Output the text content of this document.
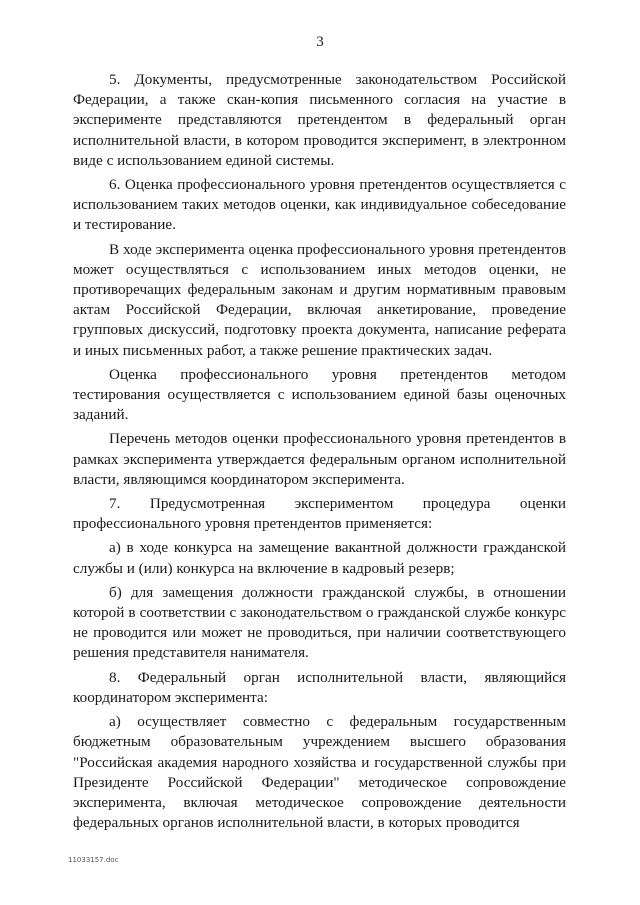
3

5. Документы, предусмотренные законодательством Российской Федерации, а также скан-копия письменного согласия на участие в эксперименте представляются претендентом в федеральный орган исполнительной власти, в котором проводится эксперимент, в электронном виде с использованием единой системы.

6. Оценка профессионального уровня претендентов осуществляется с использованием таких методов оценки, как индивидуальное собеседование и тестирование.

В ходе эксперимента оценка профессионального уровня претендентов может осуществляться с использованием иных методов оценки, не противоречащих федеральным законам и другим нормативным правовым актам Российской Федерации, включая анкетирование, проведение групповых дискуссий, подготовку проекта документа, написание реферата и иных письменных работ, а также решение практических задач.

Оценка профессионального уровня претендентов методом тестирования осуществляется с использованием единой базы оценочных заданий.

Перечень методов оценки профессионального уровня претендентов в рамках эксперимента утверждается федеральным органом исполнительной власти, являющимся координатором эксперимента.

7. Предусмотренная экспериментом процедура оценки профессионального уровня претендентов применяется:

а) в ходе конкурса на замещение вакантной должности гражданской службы и (или) конкурса на включение в кадровый резерв;

б) для замещения должности гражданской службы, в отношении которой в соответствии с законодательством о гражданской службе конкурс не проводится или может не проводиться, при наличии соответствующего решения представителя нанимателя.

8. Федеральный орган исполнительной власти, являющийся координатором эксперимента:

а) осуществляет совместно с федеральным государственным бюджетным образовательным учреждением высшего образования "Российская академия народного хозяйства и государственной службы при Президенте Российской Федерации" методическое сопровождение эксперимента, включая методическое сопровождение деятельности федеральных органов исполнительной власти, в которых проводится

11033157.doc
